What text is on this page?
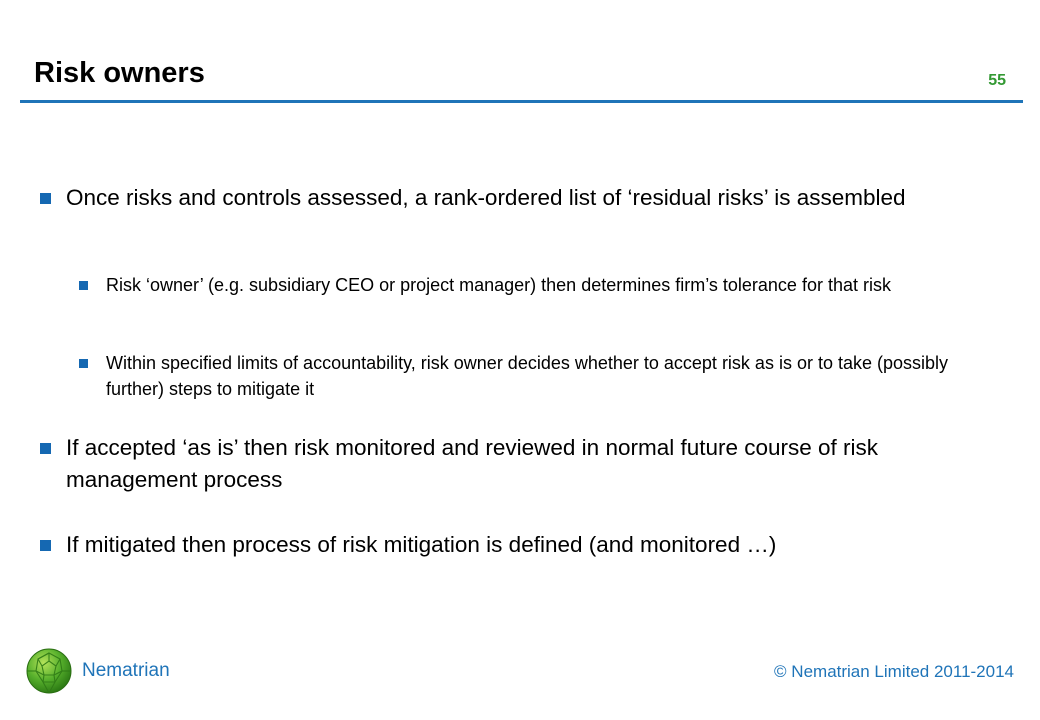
Risk owners	55
Once risks and controls assessed, a rank-ordered list of ‘residual risks’ is assembled
Risk ‘owner’ (e.g. subsidiary CEO or project manager) then determines firm’s tolerance for that risk
Within specified limits of accountability, risk owner decides whether to accept risk as is or to take (possibly further) steps to mitigate it
If accepted ‘as is’ then risk monitored and reviewed in normal future course of risk management process
If mitigated then process of risk mitigation is defined (and monitored …)
Nematrian	© Nematrian Limited 2011-2014
